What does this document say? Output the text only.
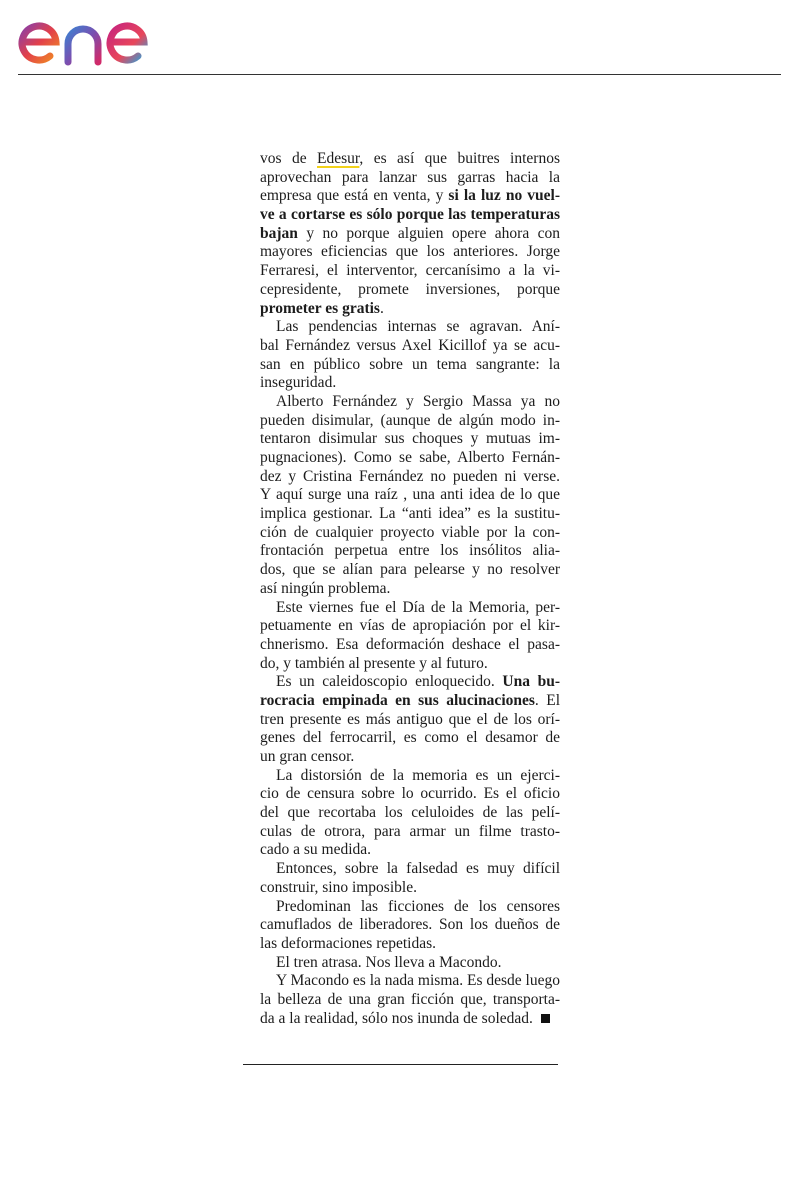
enel
vos de Edesur, es así que buitres internos
aprovechan para lanzar sus garras hacia la
empresa que está en venta, y si la luz no vuel-
ve a cortarse es sólo porque las temperaturas
bajan y no porque alguien opere ahora con
mayores eficiencias que los anteriores. Jorge
Ferraresi, el interventor, cercanísimo a la vi-
cepresidente, promete inversiones, porque
prometer es gratis.
Las pendencias internas se agravan. Aní-
bal Fernández versus Axel Kicillof ya se acu-
san en público sobre un tema sangrante: la
inseguridad.
Alberto Fernández y Sergio Massa ya no
pueden disimular, (aunque de algún modo in-
tentaron disimular sus choques y mutuas im-
pugnaciones). Como se sabe, Alberto Fernán-
dez y Cristina Fernández no pueden ni verse.
Y aquí surge una raíz , una anti idea de lo que
implica gestionar. La “anti idea” es la sustitu-
ción de cualquier proyecto viable por la con-
frontación perpetua entre los insólitos alia-
dos, que se alían para pelearse y no resolver
así ningún problema.
Este viernes fue el Día de la Memoria, per-
petuamente en vías de apropiación por el kir-
chnerismo. Esa deformación deshace el pasa-
do, y también al presente y al futuro.
Es un caleidoscopio enloquecido. Una bu-
rocracia empinada en sus alucinaciones. El
tren presente es más antiguo que el de los orí-
genes del ferrocarril, es como el desamor de
un gran censor.
La distorsión de la memoria es un ejerci-
cio de censura sobre lo ocurrido. Es el oficio
del que recortaba los celuloides de las pelí-
culas de otrora, para armar un filme trasto-
cado a su medida.
Entonces, sobre la falsedad es muy difícil
construir, sino imposible.
Predominan las ficciones de los censores
camuflados de liberadores. Son los dueños de
las deformaciones repetidas.
El tren atrasa. Nos lleva a Macondo.
Y Macondo es la nada misma. Es desde luego
la belleza de una gran ficción que, transporta-
da a la realidad, sólo nos inunda de soledad.
